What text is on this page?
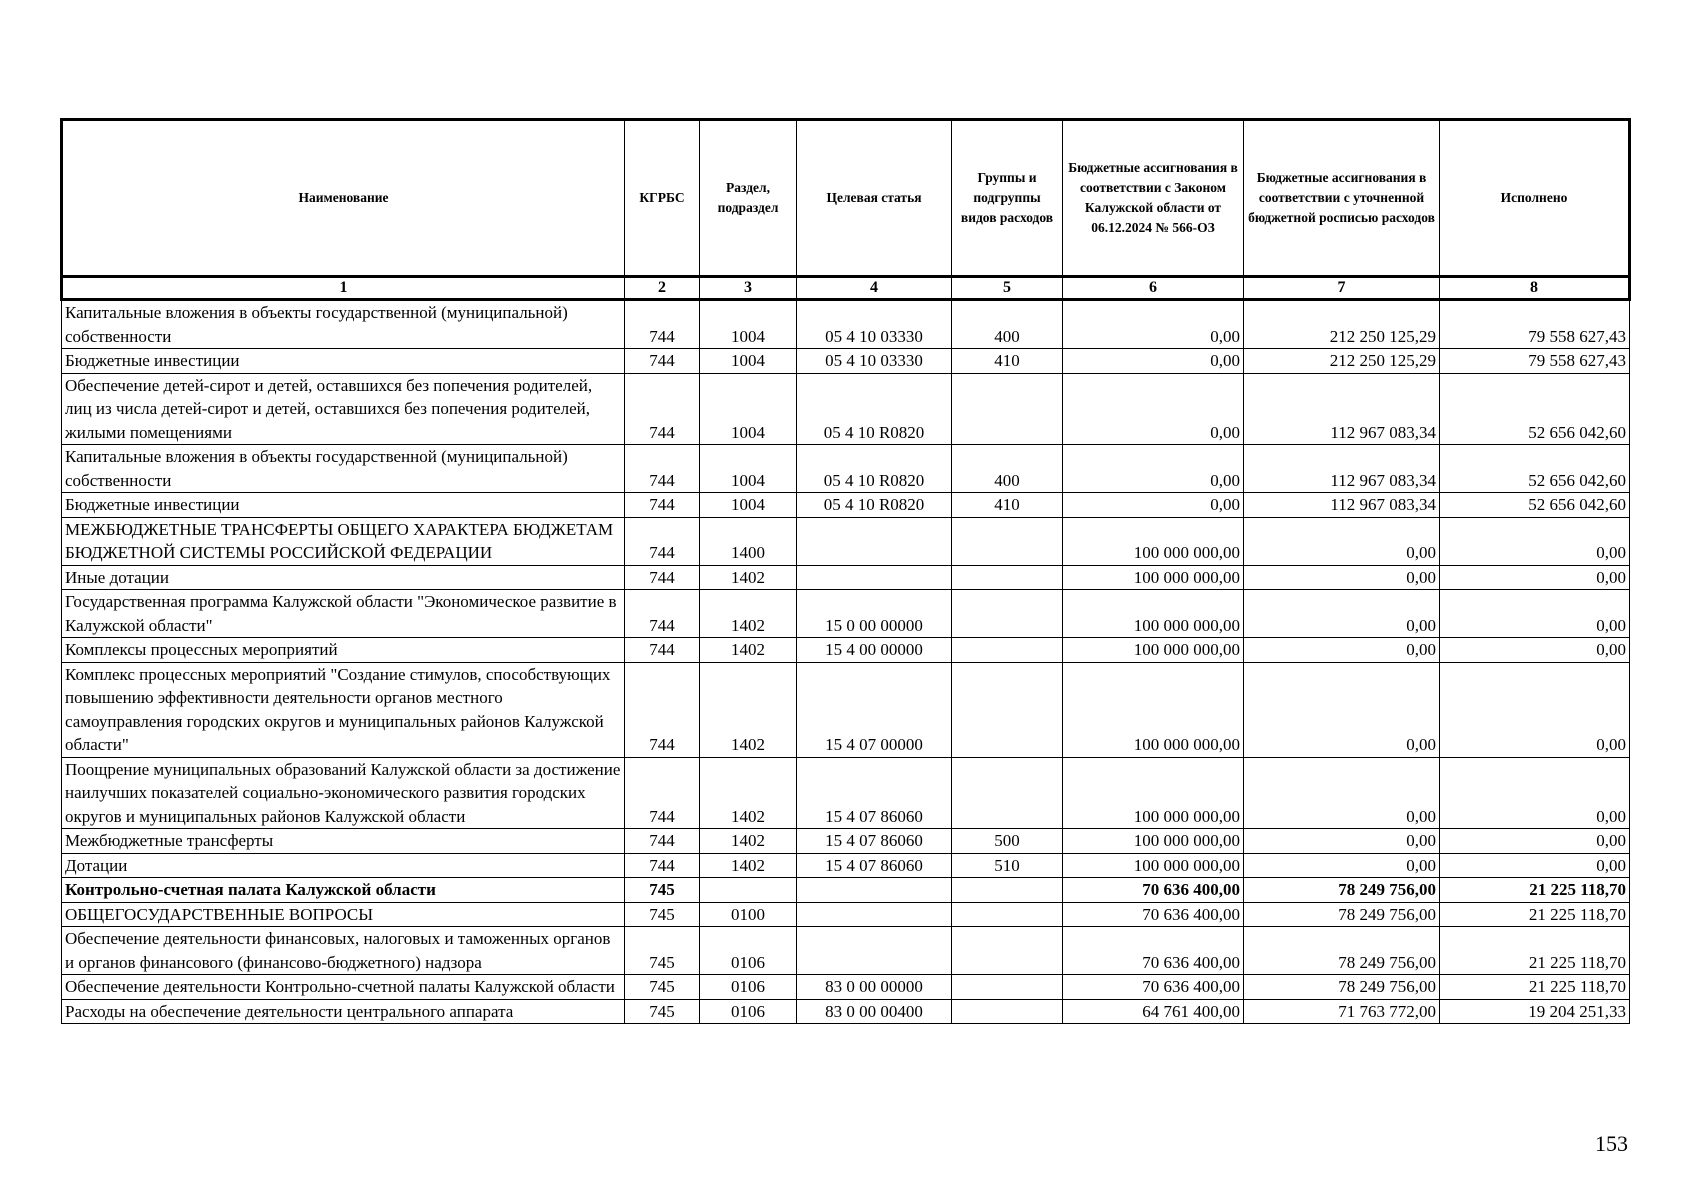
Наименование	КГРБС	Раздел, подраздел	Целевая статья	Группы и подгруппы видов расходов	Бюджетные ассигнования в соответствии с Законом Калужской области от 06.12.2024 № 566-ОЗ	Бюджетные ассигнования в соответствии с уточненной бюджетной росписью расходов	Исполнено
1	2	3	4	5	6	7	8
Капитальные вложения в объекты государственной (муниципальной) собственности	744	1004	05 4 10 03330	400	0,00	212 250 125,29	79 558 627,43
Бюджетные инвестиции	744	1004	05 4 10 03330	410	0,00	212 250 125,29	79 558 627,43
Обеспечение детей-сирот и детей, оставшихся без попечения родителей, лиц из числа детей-сирот и детей, оставшихся без попечения родителей, жилыми помещениями	744	1004	05 4 10 R0820		0,00	112 967 083,34	52 656 042,60
Капитальные вложения в объекты государственной (муниципальной) собственности	744	1004	05 4 10 R0820	400	0,00	112 967 083,34	52 656 042,60
Бюджетные инвестиции	744	1004	05 4 10 R0820	410	0,00	112 967 083,34	52 656 042,60
МЕЖБЮДЖЕТНЫЕ ТРАНСФЕРТЫ ОБЩЕГО ХАРАКТЕРА БЮДЖЕТАМ БЮДЖЕТНОЙ СИСТЕМЫ РОССИЙСКОЙ ФЕДЕРАЦИИ	744	1400			100 000 000,00	0,00	0,00
Иные дотации	744	1402			100 000 000,00	0,00	0,00
Государственная программа Калужской области "Экономическое развитие в Калужской области"	744	1402	15 0 00 00000		100 000 000,00	0,00	0,00
Комплексы процессных мероприятий	744	1402	15 4 00 00000		100 000 000,00	0,00	0,00
Комплекс процессных мероприятий "Создание стимулов, способствующих повышению эффективности деятельности органов местного самоуправления городских округов и муниципальных районов Калужской области"	744	1402	15 4 07 00000		100 000 000,00	0,00	0,00
Поощрение муниципальных образований Калужской области за достижение наилучших показателей социально-экономического развития городских округов и муниципальных районов Калужской области	744	1402	15 4 07 86060		100 000 000,00	0,00	0,00
Межбюджетные трансферты	744	1402	15 4 07 86060	500	100 000 000,00	0,00	0,00
Дотации	744	1402	15 4 07 86060	510	100 000 000,00	0,00	0,00
Контрольно-счетная палата Калужской области	745				70 636 400,00	78 249 756,00	21 225 118,70
ОБЩЕГОСУДАРСТВЕННЫЕ ВОПРОСЫ	745	0100			70 636 400,00	78 249 756,00	21 225 118,70
Обеспечение деятельности финансовых, налоговых и таможенных органов и органов финансового (финансово-бюджетного) надзора	745	0106			70 636 400,00	78 249 756,00	21 225 118,70
Обеспечение деятельности Контрольно-счетной палаты Калужской области	745	0106	83 0 00 00000		70 636 400,00	78 249 756,00	21 225 118,70
Расходы на обеспечение деятельности центрального аппарата	745	0106	83 0 00 00400		64 761 400,00	71 763 772,00	19 204 251,33
153
